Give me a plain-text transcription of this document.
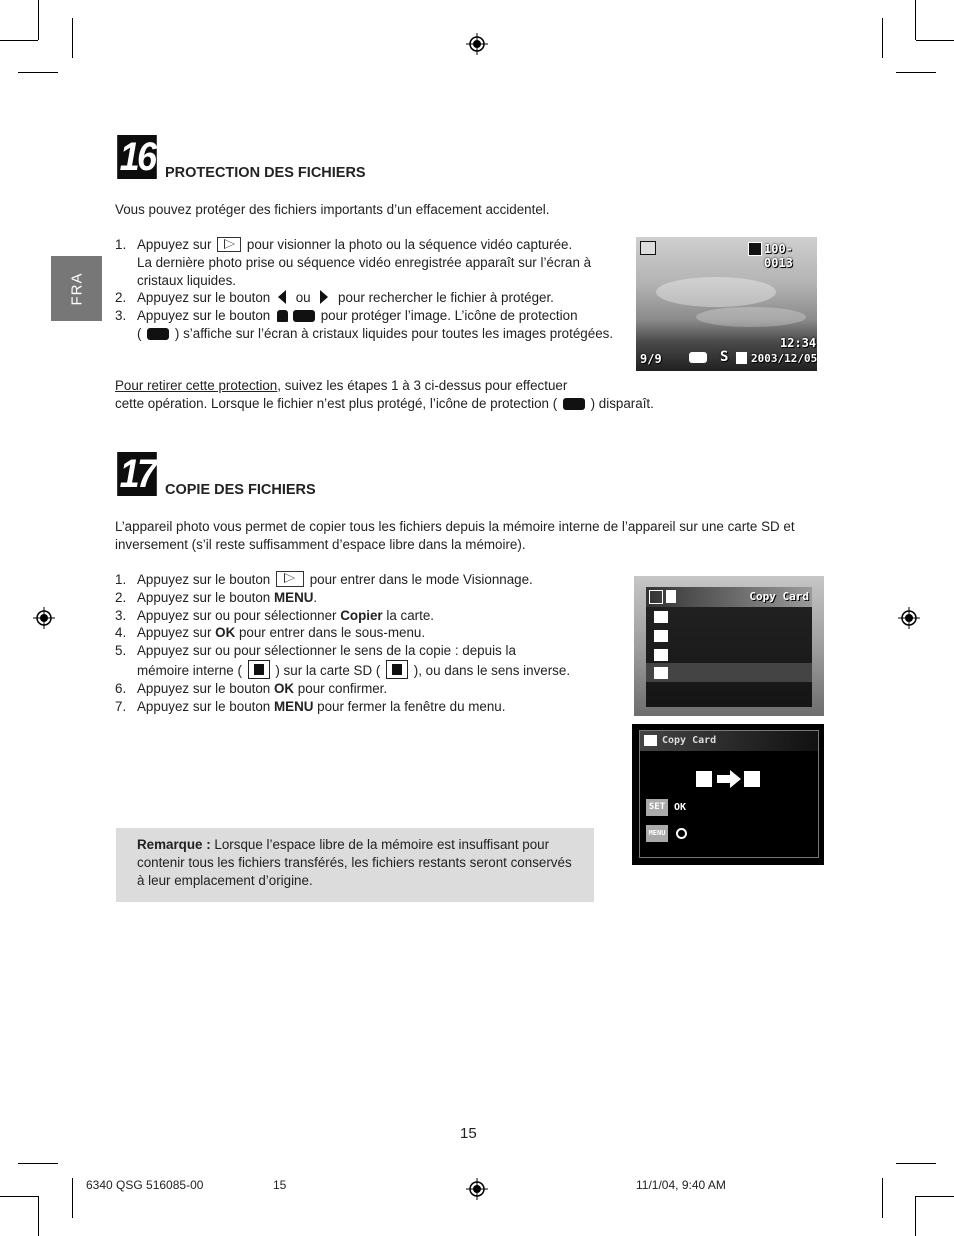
FRA
16 PROTECTION DES FICHIERS
Vous pouvez protéger des fichiers importants d’un effacement accidentel.
1. Appuyez sur
pour visionner la photo ou la séquence vidéo capturée.
La dernière photo prise ou séquence vidéo enregistrée apparaît sur l’écran à cristaux liquides.
2. Appuyez sur le bouton  ou  pour rechercher le fichier à protéger.
3. Appuyez sur le bouton	pour protéger l’image. L’icône de protection
(  ) s’affiche sur l’écran à cristaux liquides pour toutes les images protégées.
Pour retirer cette protection, suivez les étapes 1 à 3 ci-dessus pour effectuer
cette opération. Lorsque le fichier n’est plus protégé, l’icône de protection (  ) disparaît.
100-0013
12:34
9/9	S 2003/12/05
17 COPIE DES FICHIERS
L’appareil photo vous permet de copier tous les fichiers depuis la mémoire interne de l’appareil sur une carte SD et inversement (s’il reste suffisamment d’espace libre dans la mémoire).
1. Appuyez sur le bouton
pour entrer dans le mode Visionnage.
2. Appuyez sur le bouton MENU.
3. Appuyez sur ou pour sélectionner Copier la carte.
4. Appuyez sur OK pour entrer dans le sous-menu.
5. Appuyez sur ou pour sélectionner le sens de la copie : depuis la
mémoire interne (  ) sur la carte SD (  ), ou dans le sens inverse.
6. Appuyez sur le bouton OK pour confirmer.
7. Appuyez sur le bouton MENU pour fermer la fenêtre du menu.
Copy Card
Copy Card
SET OK
MENU

Remarque : Lorsque l’espace libre de la mémoire est insuffisant pour contenir tous les fichiers transférés, les fichiers restants seront conservés à leur emplacement d’origine.

15
6340 QSG 516085-00	15	11/1/04, 9:40 AM
